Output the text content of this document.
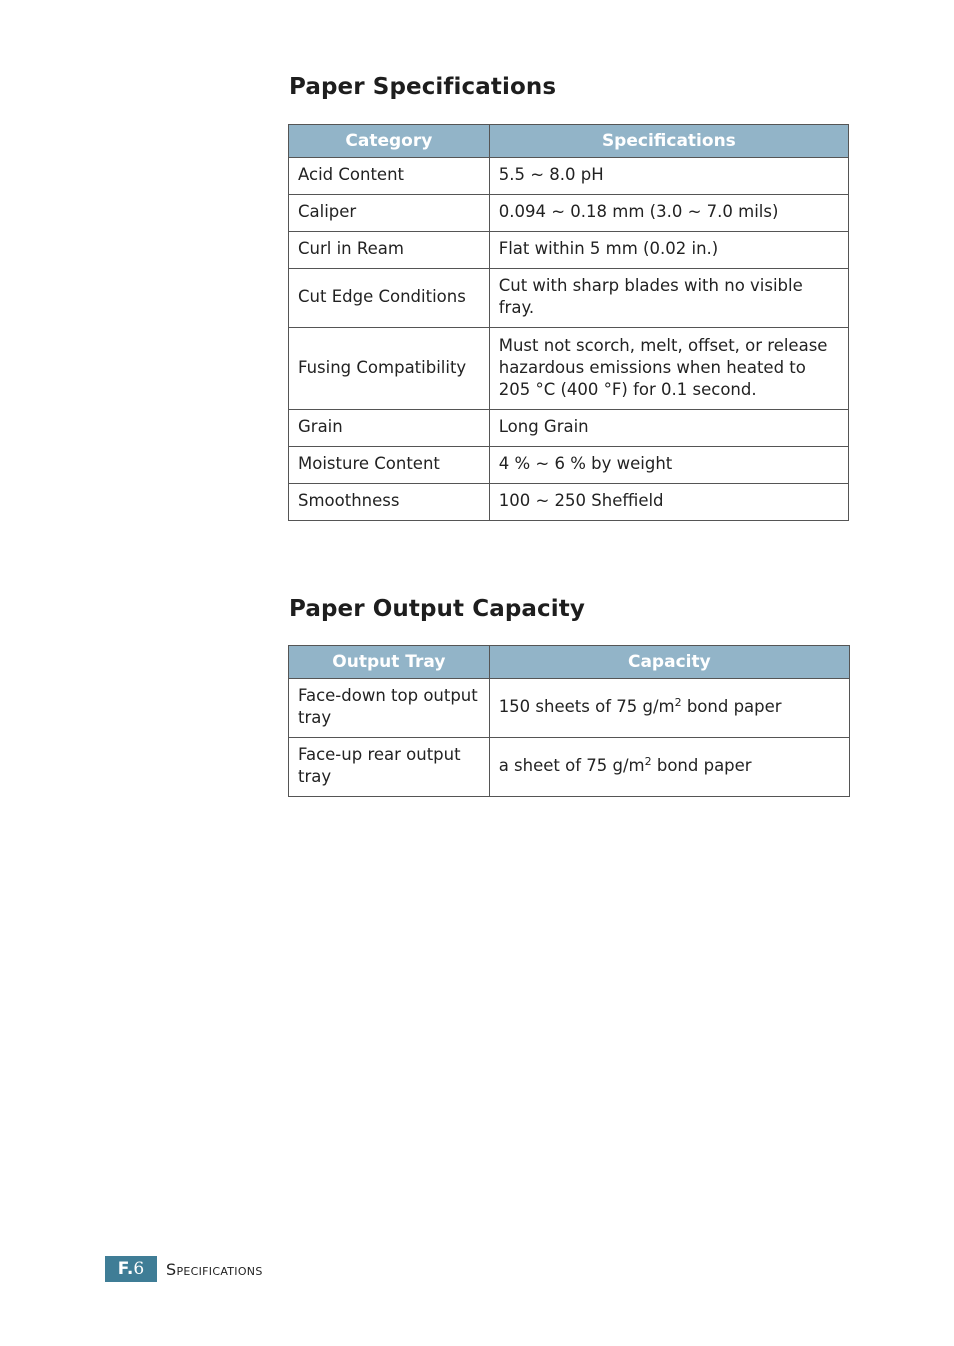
Paper Specifications
Category	Specifications
Acid Content	5.5 ~ 8.0 pH
Caliper	0.094 ~ 0.18 mm (3.0 ~ 7.0 mils)
Curl in Ream	Flat within 5 mm (0.02 in.)
Cut Edge Conditions	Cut with sharp blades with no visible fray.
Fusing Compatibility	Must not scorch, melt, offset, or release hazardous emissions when heated to 205 °C (400 °F) for 0.1 second.
Grain	Long Grain
Moisture Content	4 % ~ 6 % by weight
Smoothness	100 ~ 250 Sheffield
Paper Output Capacity
Output Tray	Capacity
Face-down top output tray	150 sheets of 75 $g/m^2$ bond paper
Face-up rear output tray	a sheet of 75 $g/m^2$ bond paper
F. 6 Specifications
